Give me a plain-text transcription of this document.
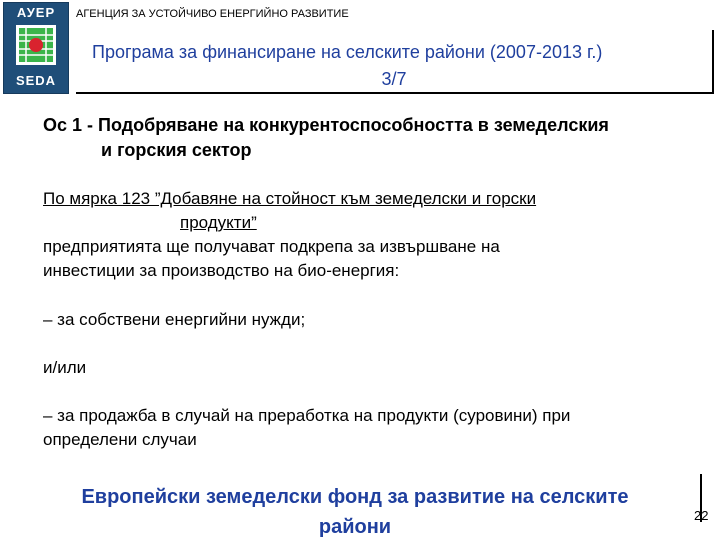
АУЕР
SEDA
АГЕНЦИЯ ЗА УСТОЙЧИВО ЕНЕРГИЙНО РАЗВИТИЕ
Програма за финансиране на селските райони (2007-2013 г.)
3/7
Ос 1 - Подобряване на конкурентоспособността в земеделския
и горския сектор
По мярка 123 ”Добавяне на стойност към земеделски и горски
продукти”
предприятията ще получават подкрепа за извършване на
инвестиции за производство на био-енергия:
– за собствени енергийни нужди;
и/или
– за продажба в случай на преработка на продукти (суровини) при
определени случаи
Европейски земеделски фонд за развитие на селските
райони
22
